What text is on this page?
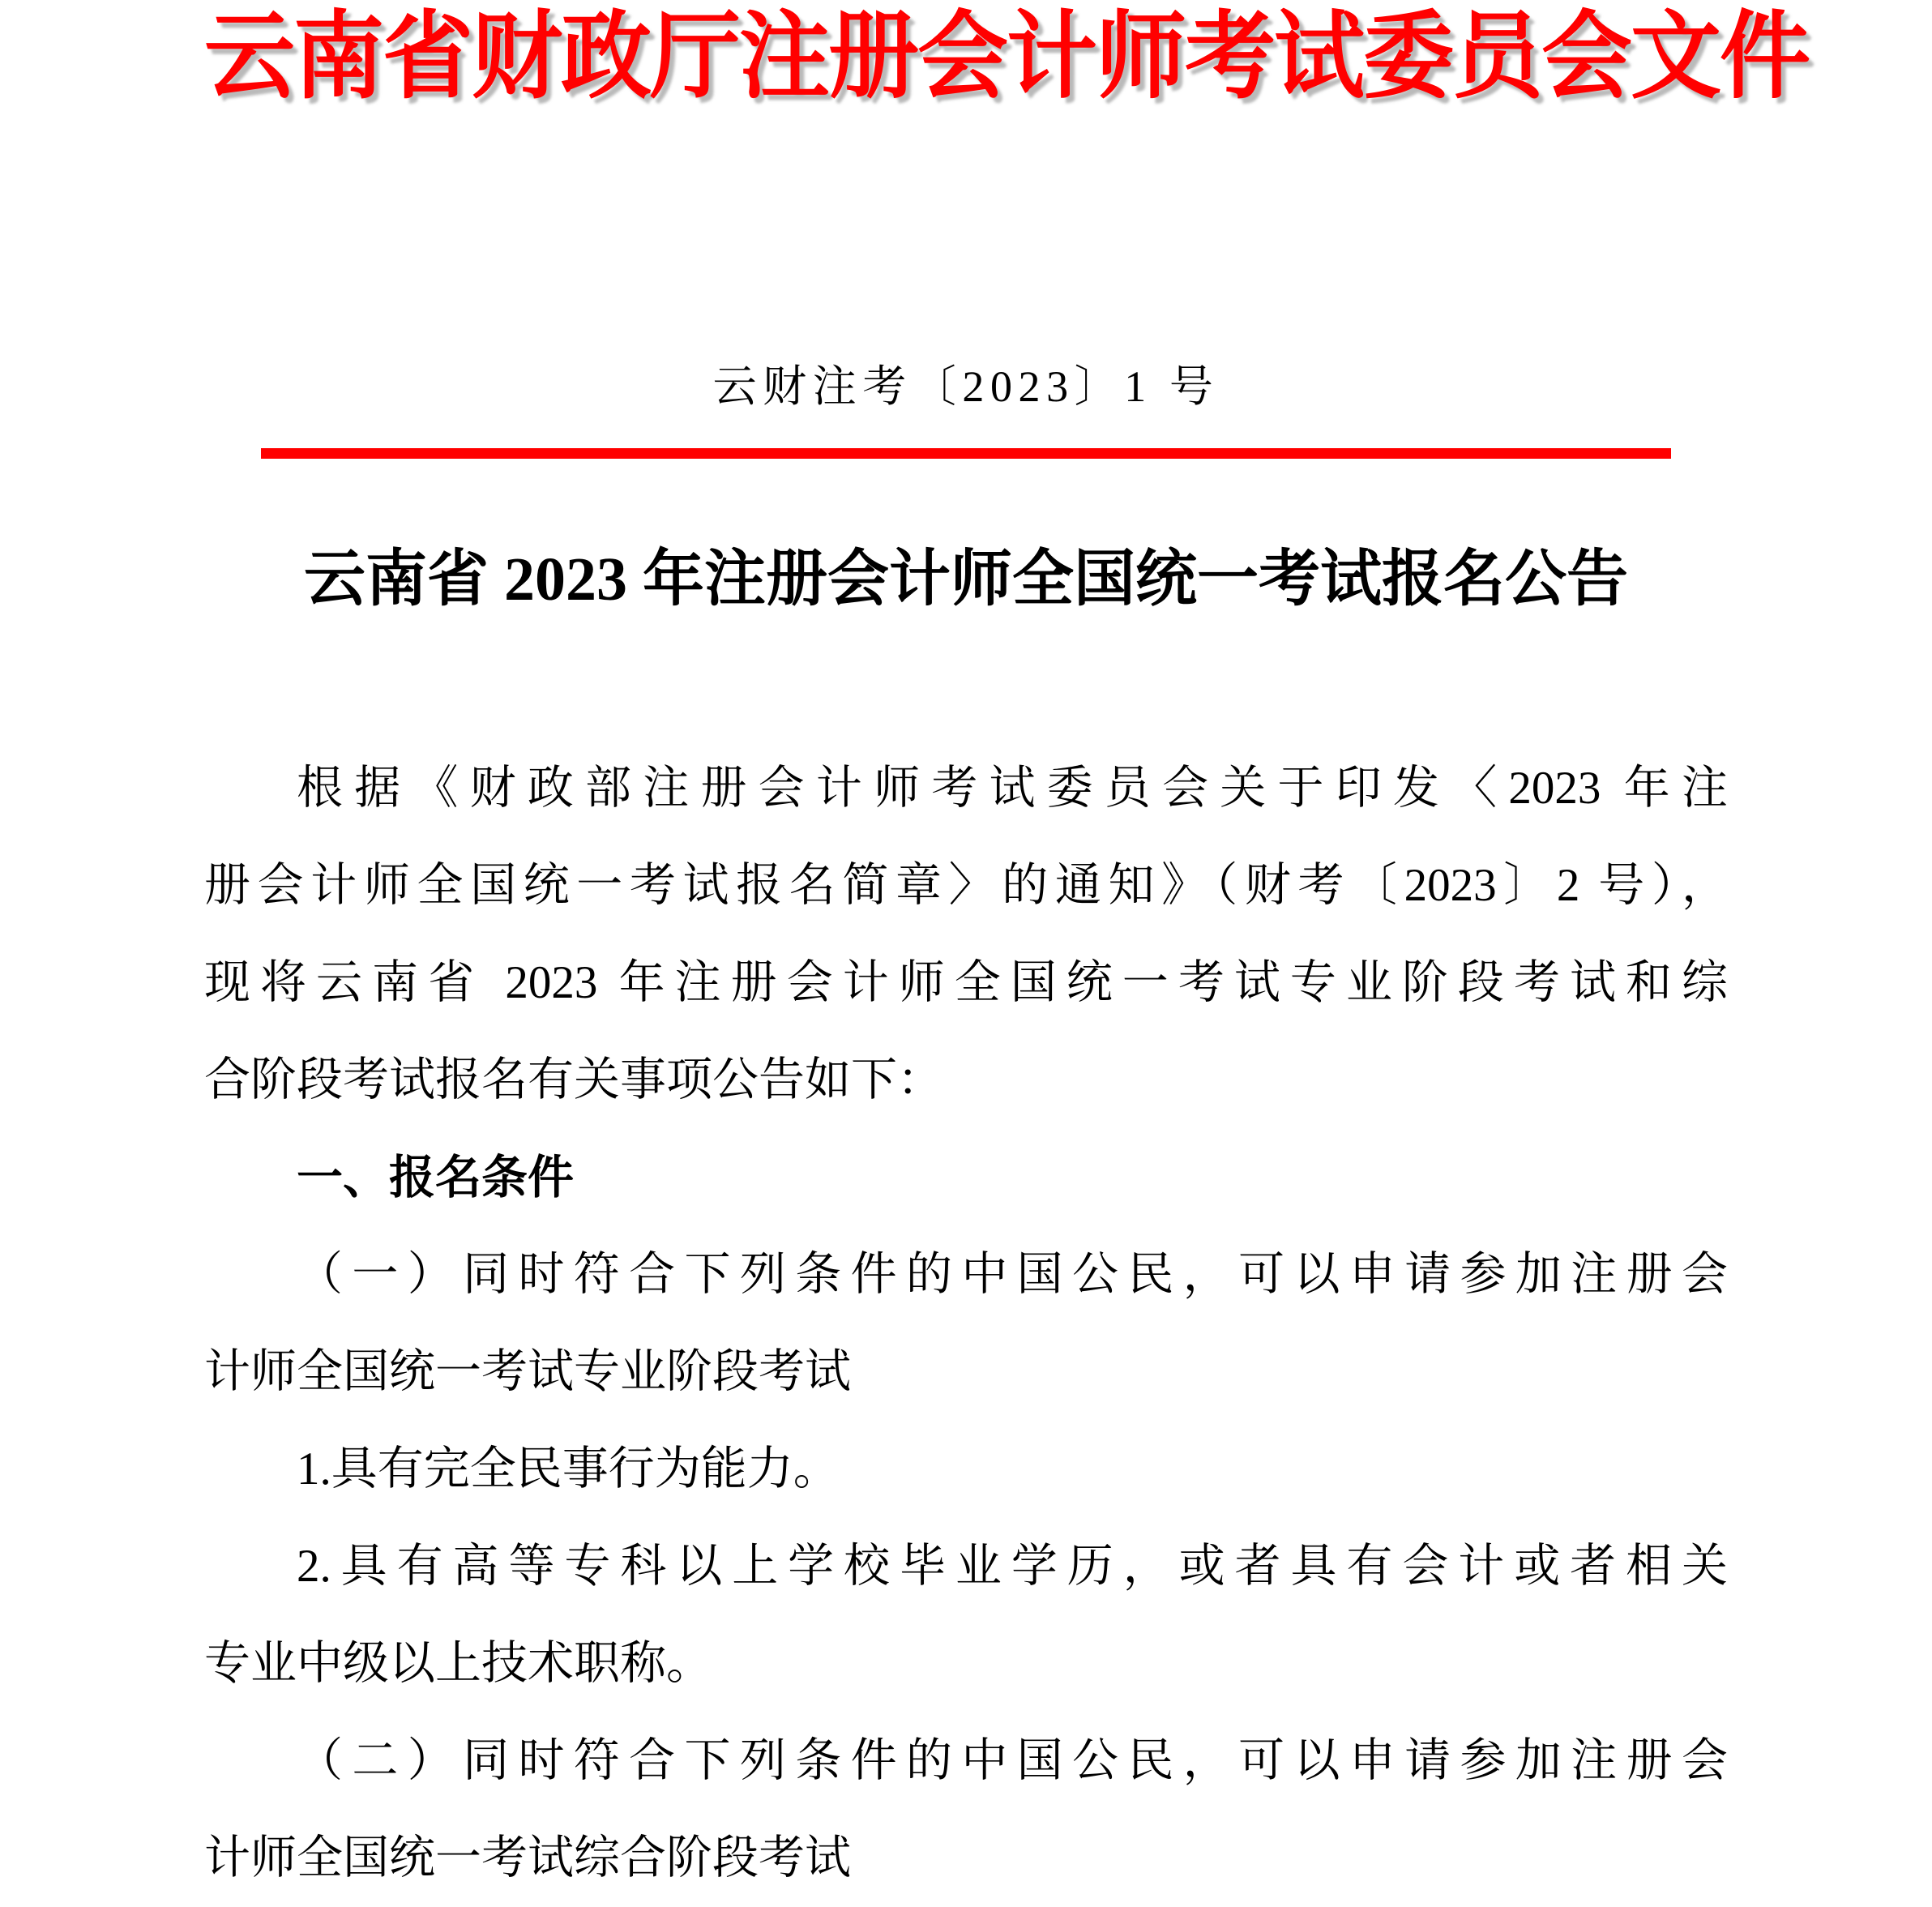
云南省财政厅注册会计师考试委员会文件
云财注考〔2023〕1 号
云南省 2023 年注册会计师全国统一考试报名公告
根据《财政部注册会计师考试委员会关于印发〈2023 年注
册会计师全国统一考试报名简章〉的通知》（财考〔2023〕2 号），
现将云南省 2023 年注册会计师全国统一考试专业阶段考试和综
合阶段考试报名有关事项公告如下：
一、报名条件
（一）同时符合下列条件的中国公民，可以申请参加注册会
计师全国统一考试专业阶段考试
1.具有完全民事行为能力。
2.具有高等专科以上学校毕业学历，或者具有会计或者相关
专业中级以上技术职称。
（二）同时符合下列条件的中国公民，可以申请参加注册会
计师全国统一考试综合阶段考试
